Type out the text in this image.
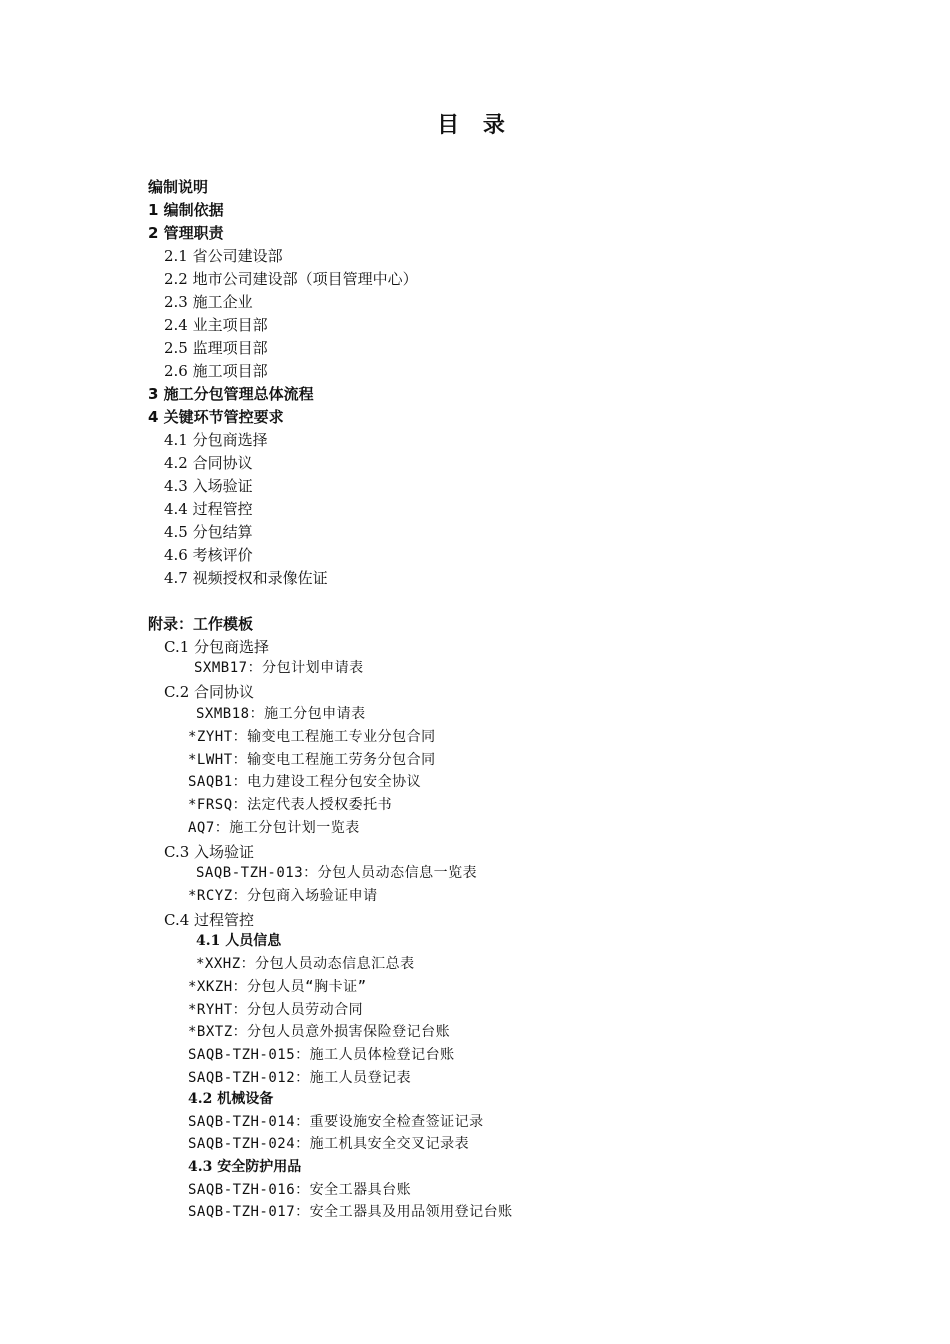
目 录
编制说明
1 编制依据
2 管理职责
2.1 省公司建设部
2.2 地市公司建设部（项目管理中心）
2.3 施工企业
2.4 业主项目部
2.5 监理项目部
2.6 施工项目部
3 施工分包管理总体流程
4 关键环节管控要求
4.1 分包商选择
4.2 合同协议
4.3 入场验证
4.4 过程管控
4.5 分包结算
4.6 考核评价
4.7 视频授权和录像佐证
附录：工作模板
C.1 分包商选择
SXMB17：分包计划申请表
C.2 合同协议
SXMB18：施工分包申请表
*ZYHT：输变电工程施工专业分包合同
*LWHT：输变电工程施工劳务分包合同
SAQB1：电力建设工程分包安全协议
*FRSQ：法定代表人授权委托书
AQ7：施工分包计划一览表
C.3 入场验证
SAQB-TZH-013：分包人员动态信息一览表
*RCYZ：分包商入场验证申请
C.4 过程管控
4.1 人员信息
*XXHZ：分包人员动态信息汇总表
*XKZH：分包人员“胸卡证”
*RYHT：分包人员劳动合同
*BXTZ：分包人员意外损害保险登记台账
SAQB-TZH-015：施工人员体检登记台账
SAQB-TZH-012：施工人员登记表
4.2 机械设备
SAQB-TZH-014：重要设施安全检查签证记录
SAQB-TZH-024：施工机具安全交叉记录表
4.3 安全防护用品
SAQB-TZH-016：安全工器具台账
SAQB-TZH-017：安全工器具及用品领用登记台账
